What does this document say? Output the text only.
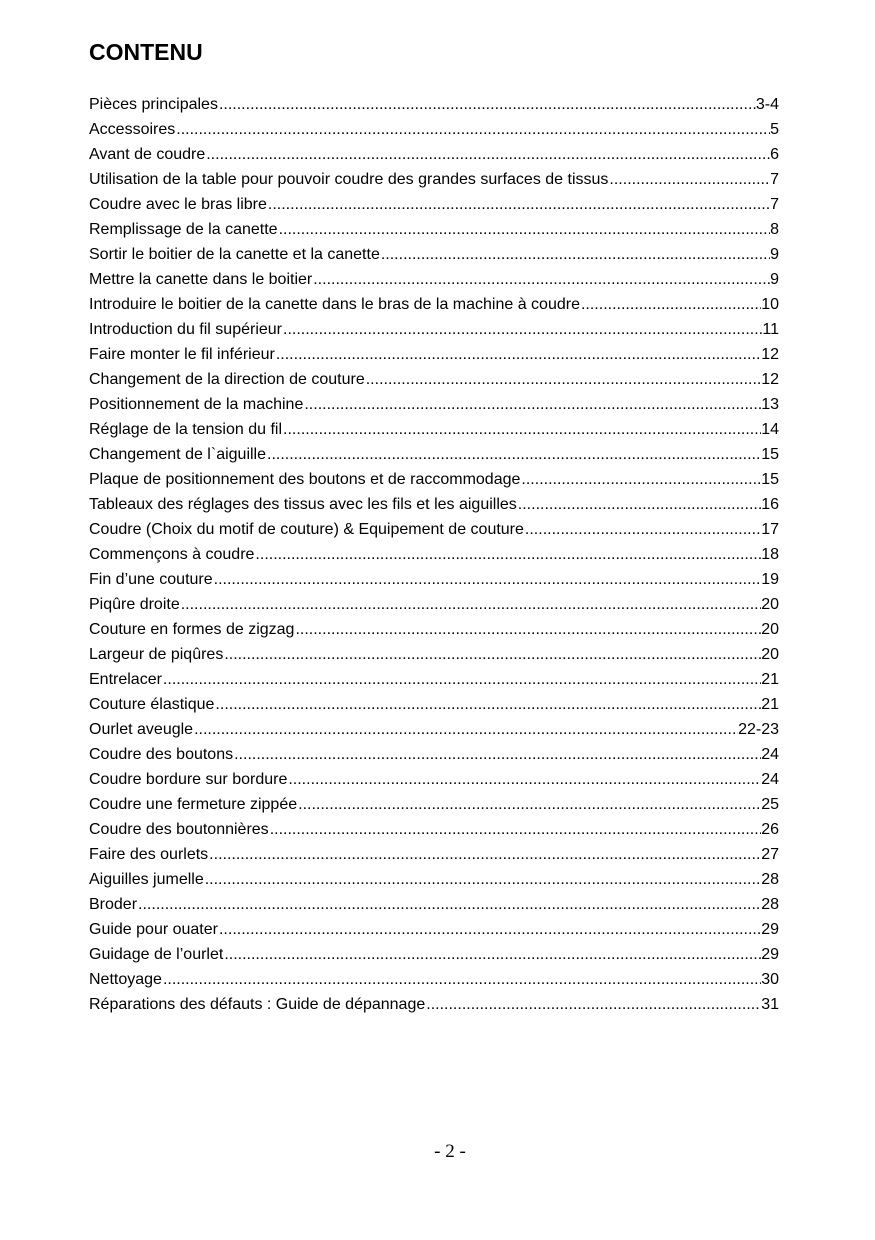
CONTENU
Pièces principales .....	3-4
Accessoires .....	5
Avant de coudre .....	6
Utilisation de la table pour pouvoir coudre des grandes surfaces de tissus .....	7
Coudre avec le bras libre .....	7
Remplissage de la canette .....	8
Sortir le boitier de la canette et la canette .....	9
Mettre la canette dans le boitier .....	9
Introduire le boitier de la canette dans le bras de la machine à coudre .....	10
Introduction du fil supérieur .....	11
Faire monter le fil inférieur .....	12
Changement de la direction de couture .....	12
Positionnement de la machine .....	13
Réglage de la tension du fil .....	14
Changement de l`aiguille .....	15
Plaque de positionnement des boutons et de raccommodage .....	15
Tableaux des réglages des tissus avec les fils et les aiguilles .....	16
Coudre (Choix du motif de couture) & Equipement de couture .....	17
Commençons à coudre .....	18
Fin d’une couture .....	19
Piqûre droite .....	20
Couture en formes de zigzag .....	20
Largeur de piqûres .....	20
Entrelacer .....	21
Couture élastique .....	21
Ourlet aveugle .....	22-23
Coudre des boutons .....	24
Coudre bordure sur bordure .....	24
Coudre une fermeture zippée .....	25
Coudre des boutonnières .....	26
Faire des ourlets .....	27
Aiguilles jumelle .....	28
Broder .....	28
Guide pour ouater .....	29
Guidage de l’ourlet .....	29
Nettoyage .....	30
Réparations des défauts : Guide de dépannage .....	31
- 2 -
